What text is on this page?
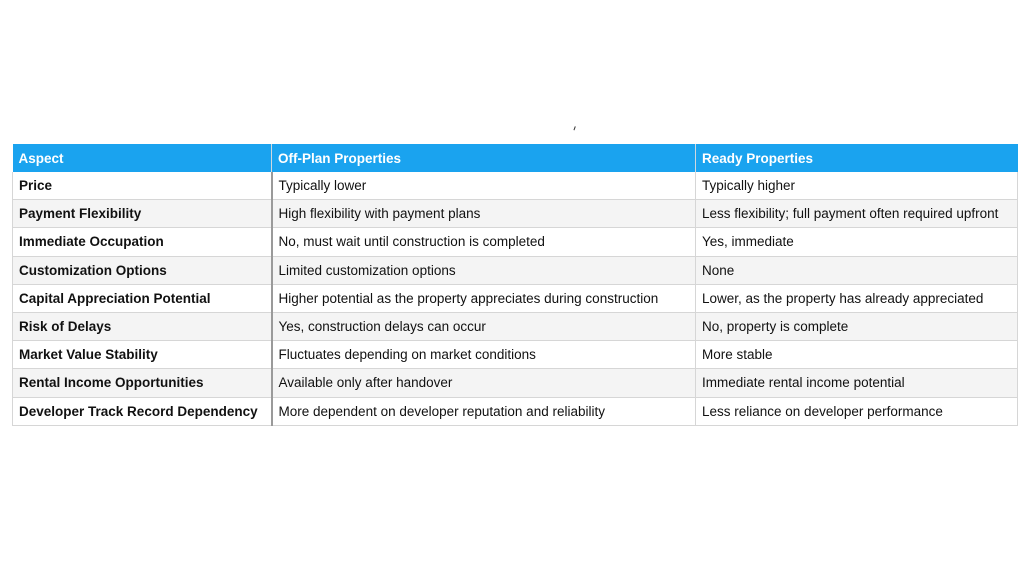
Aspect	Off-Plan Properties	Ready Properties
Price	Typically lower	Typically higher
Payment Flexibility	High flexibility with payment plans	Less flexibility; full payment often required upfront
Immediate Occupation	No, must wait until construction is completed	Yes, immediate
Customization Options	Limited customization options	None
Capital Appreciation Potential	Higher potential as the property appreciates during construction	Lower, as the property has already appreciated
Risk of Delays	Yes, construction delays can occur	No, property is complete
Market Value Stability	Fluctuates depending on market conditions	More stable
Rental Income Opportunities	Available only after handover	Immediate rental income potential
Developer Track Record Dependency	More dependent on developer reputation and reliability	Less reliance on developer performance
